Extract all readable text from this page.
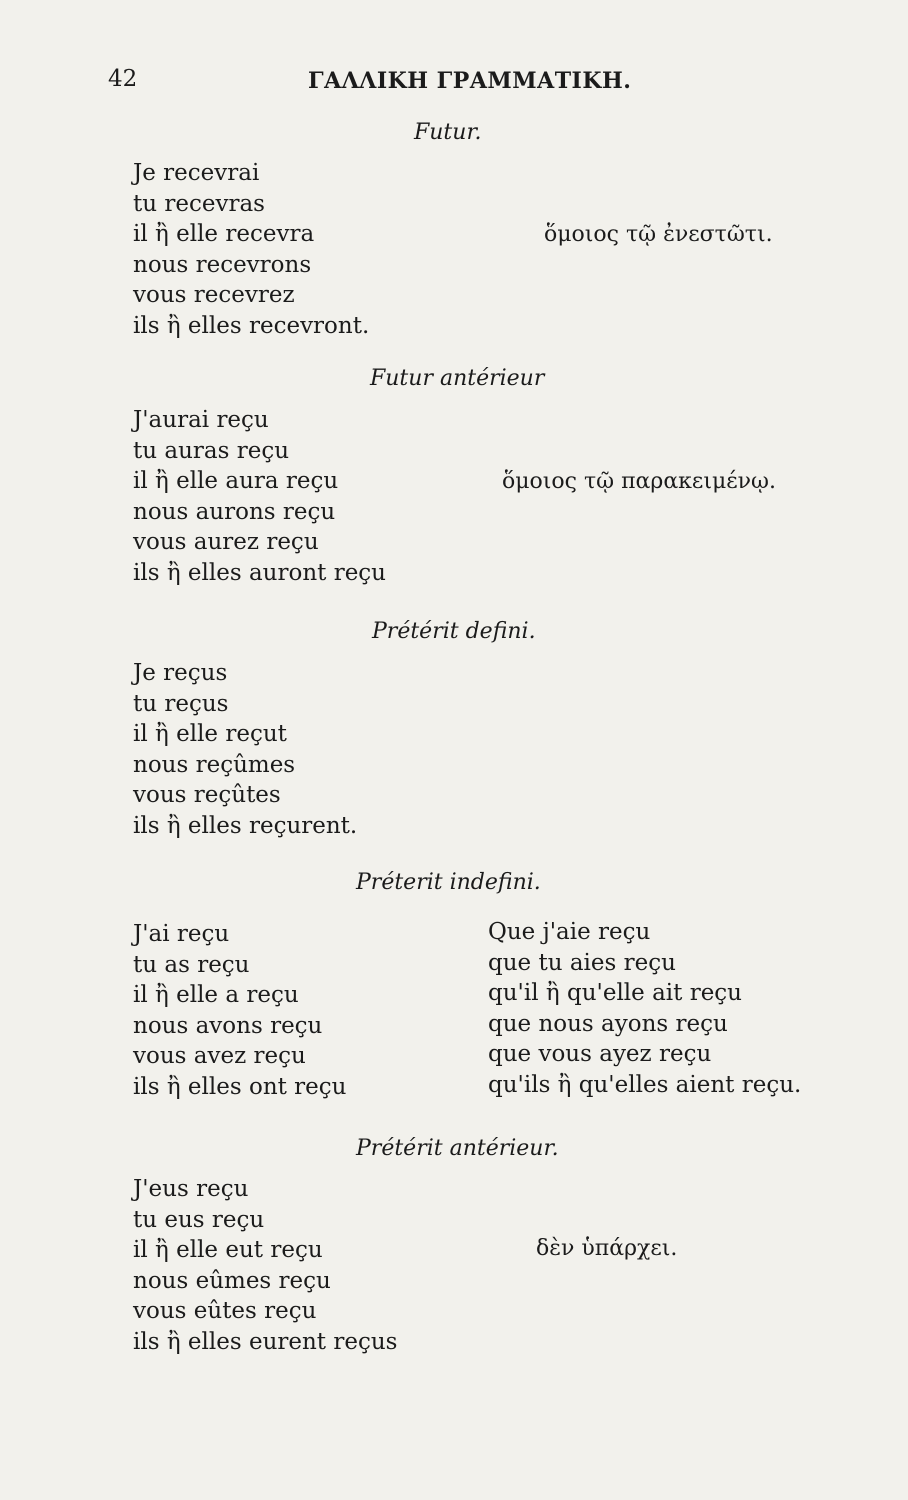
42	ΓΑΛΛΙΚΗ ΓΡΑΜΜΑΤΙΚΗ.
Futur.
Je recevrai
tu recevras
il ἢ elle recevra
nous recevrons
vous recevrez
ils ἢ elles recevront.
ὅμοιος τῷ ἐνεστῶτι.
Futur antérieur
J'aurai reçu
tu auras reçu
il ἢ elle aura reçu
nous aurons reçu
vous aurez reçu
ils ἢ elles auront reçu
ὅμοιος τῷ παρακειμένῳ.
Prétérit defini.
Je reçus
tu reçus
il ἢ elle reçut
nous reçûmes
vous reçûtes
ils ἢ elles reçurent.
Préterit indefini.
J'ai reçu
tu as reçu
il ἢ elle a reçu
nous avons reçu
vous avez reçu
ils ἢ elles ont reçu
Que j'aie reçu
que tu aies reçu
qu'il ἢ qu'elle ait reçu
que nous ayons reçu
que vous ayez reçu
qu'ils ἢ qu'elles aient reçu.
Prétérit antérieur.
J'eus reçu
tu eus reçu
il ἢ elle eut reçu
nous eûmes reçu
vous eûtes reçu
ils ἢ elles eurent reçus
δὲν ὑπάρχει.
